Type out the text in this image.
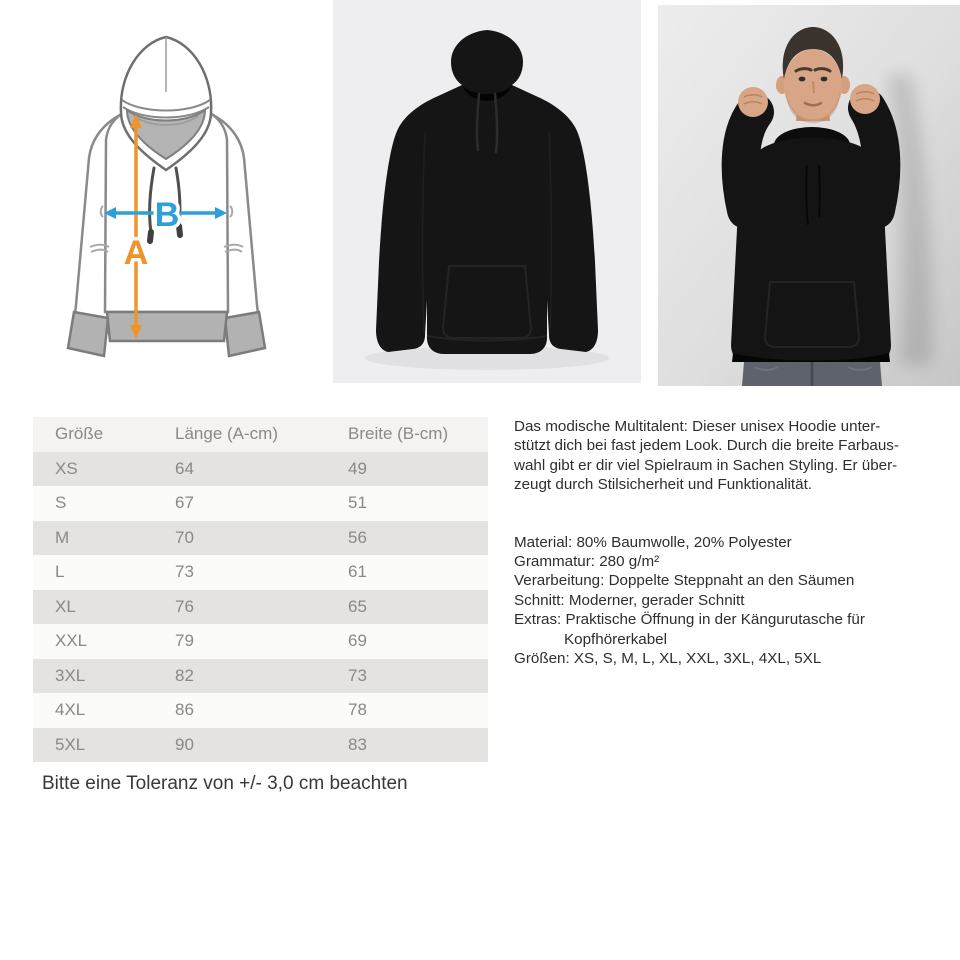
B
A
Größe	Länge (A-cm)	Breite (B-cm)
XS	64	49
S	67	51
M	70	56
L	73	61
XL	76	65
XXL	79	69
3XL	82	73
4XL	86	78
5XL	90	83
Das modische Multitalent: Dieser unisex Hoodie unter-
stützt dich bei fast jedem Look. Durch die breite Farbaus-
wahl gibt er dir viel Spielraum in Sachen Styling. Er über-
zeugt durch Stilsicherheit und Funktionalität.
Material: 80% Baumwolle, 20% Polyester
Grammatur: 280 g/m²
Verarbeitung: Doppelte Steppnaht an den Säumen
Schnitt: Moderner, gerader Schnitt
Extras: Praktische Öffnung in der Kängurutasche für
Kopfhörerkabel
Größen: XS, S, M, L, XL, XXL, 3XL, 4XL, 5XL
Bitte eine Toleranz von +/- 3,0 cm beachten
